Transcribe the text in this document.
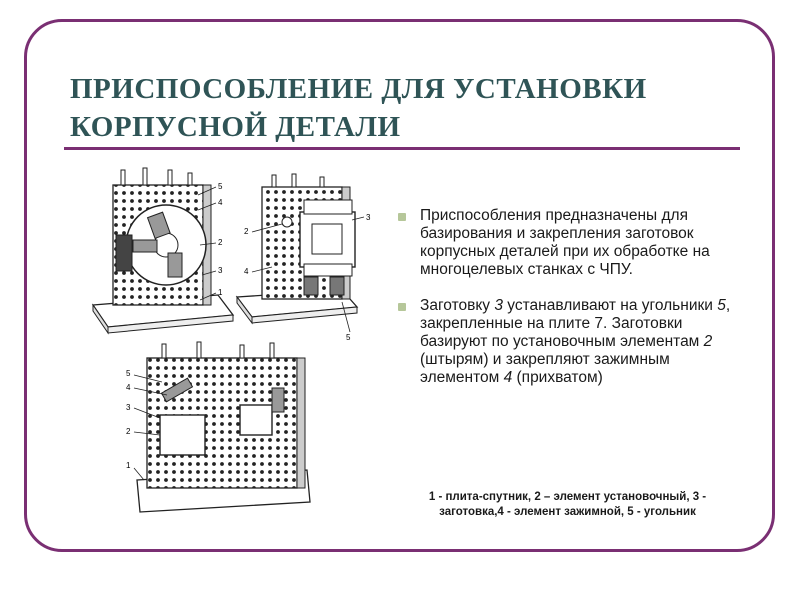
ПРИСПОСОБЛЕНИЕ ДЛЯ УСТАНОВКИ
КОРПУСНОЙ ДЕТАЛИ
5
4
2
3
1
2
3
4
5
5
4
3
2
1
Приспособления предназначены для базирования и закрепления заготовок корпусных деталей при их обработке на многоцелевых станках с ЧПУ.
Заготовку 3 устанавливают на угольники 5, закрепленные на плите 7. Заготовки базируют по установочным элементам 2 (штырям) и закрепляют зажимным элементом 4 (прихватом)
1 - плита-спутник, 2 – элемент установочный, 3 - заготовка,4 - элемент зажимной, 5 - угольник
